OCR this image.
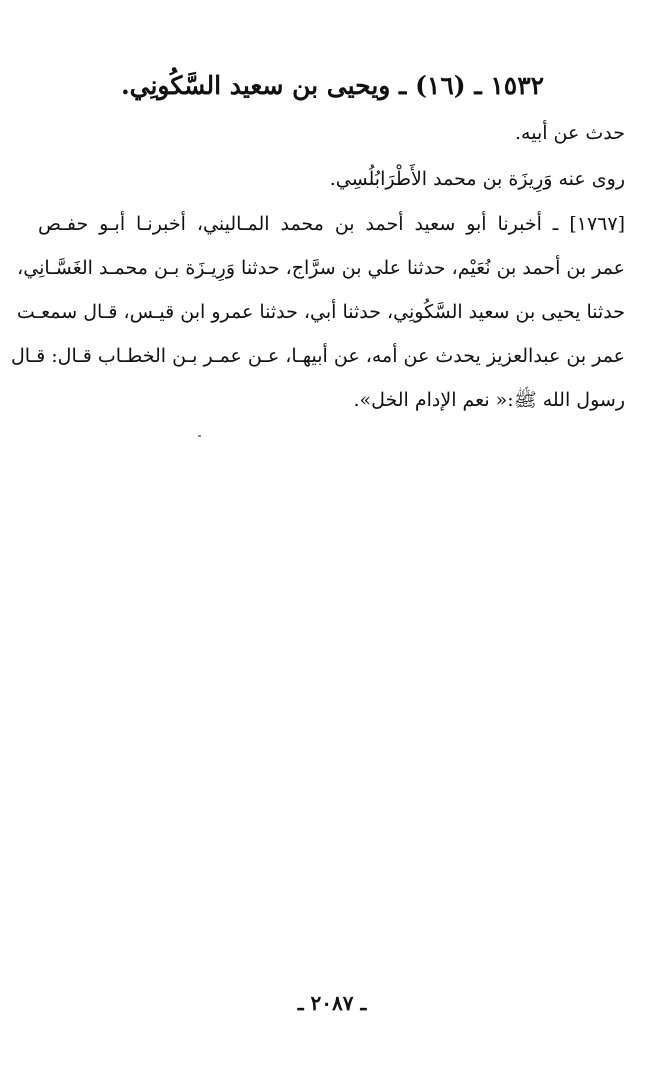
١٥٣٢ ـ (١٦) ـ ويحيى بن سعيد السَّكُونِي.
حدث عن أبيه.
روى عنه وَرِيزَة بن محمد الأَطْرَابُلُسِي.
[١٧٦٧] ـ أخبرنا أبو سعيد أحمد بن محمد المـاليني، أخبرنـا أبـو حفـص
عمر بن أحمد بن نُعَيْم، حدثنا علي بن سرَّاج، حدثنا وَرِيـزَة بـن محمـد الغَسَّـانِي،
حدثنا يحيى بن سعيد السَّكُونِي، حدثنا أبي، حدثنا عمرو ابن قيـس، قـال سمعـت
عمر بن عبدالعزيز يحدث عن أمه، عن أبيهـا، عـن عمـر بـن الخطـاب قـال: قـال
رسول الله ﷺ:« نعم الإدام الخل».
ـ ٢٠٨٧ ـ
